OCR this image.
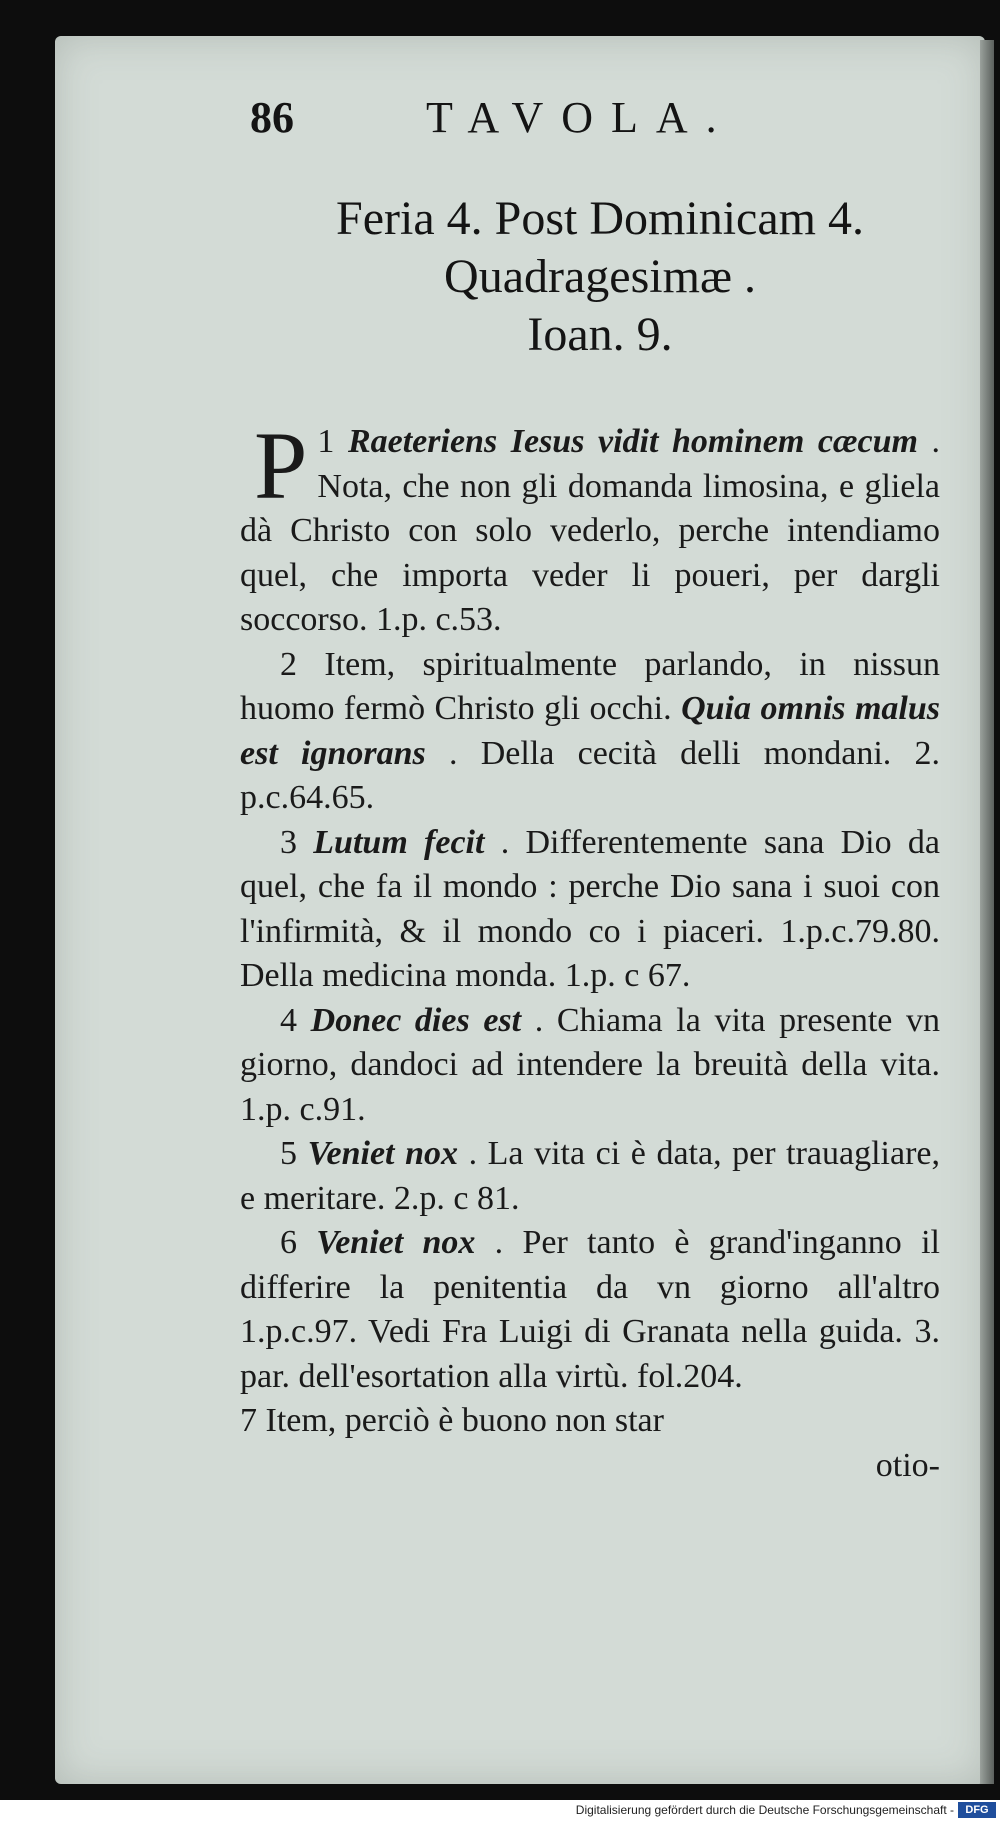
86	TAVOLA.
Feria 4. Post Dominicam 4.
Quadragesimæ .
Ioan. 9.

1
P Raeteriens Iesus vidit hominem cæcum . Nota, che non gli domanda limosina, e gliela dà Christo con solo vederlo, perche intendiamo quel, che importa veder li poueri, per dargli soccorso. 1.p. c.53.

2 Item, spiritualmente parlando, in nissun huomo fermò Christo gli occhi. Quia omnis malus est ignorans . Della cecità delli mondani. 2. p.c.64.65.

3 Lutum fecit . Differentemente sana Dio da quel, che fa il mondo : perche Dio sana i suoi con l'infirmità, & il mondo co i piaceri. 1.p.c.79.80. Della medicina monda. 1.p. c 67.

4 Donec dies est . Chiama la vita presente vn giorno, dandoci ad intendere la breuità della vita. 1.p. c.91.

5 Veniet nox . La vita ci è data, per trauagliare, e meritare. 2.p. c 81.

6 Veniet nox . Per tanto è grand'inganno il differire la penitentia da vn giorno all'altro 1.p.c.97. Vedi Fra Luigi di Granata nella guida. 3. par. dell'esortation alla virtù. fol.204.

7 Item, perciò è buono non star

otio-

Digitalisierung gefördert durch die Deutsche Forschungsgemeinschaft -	DFG
